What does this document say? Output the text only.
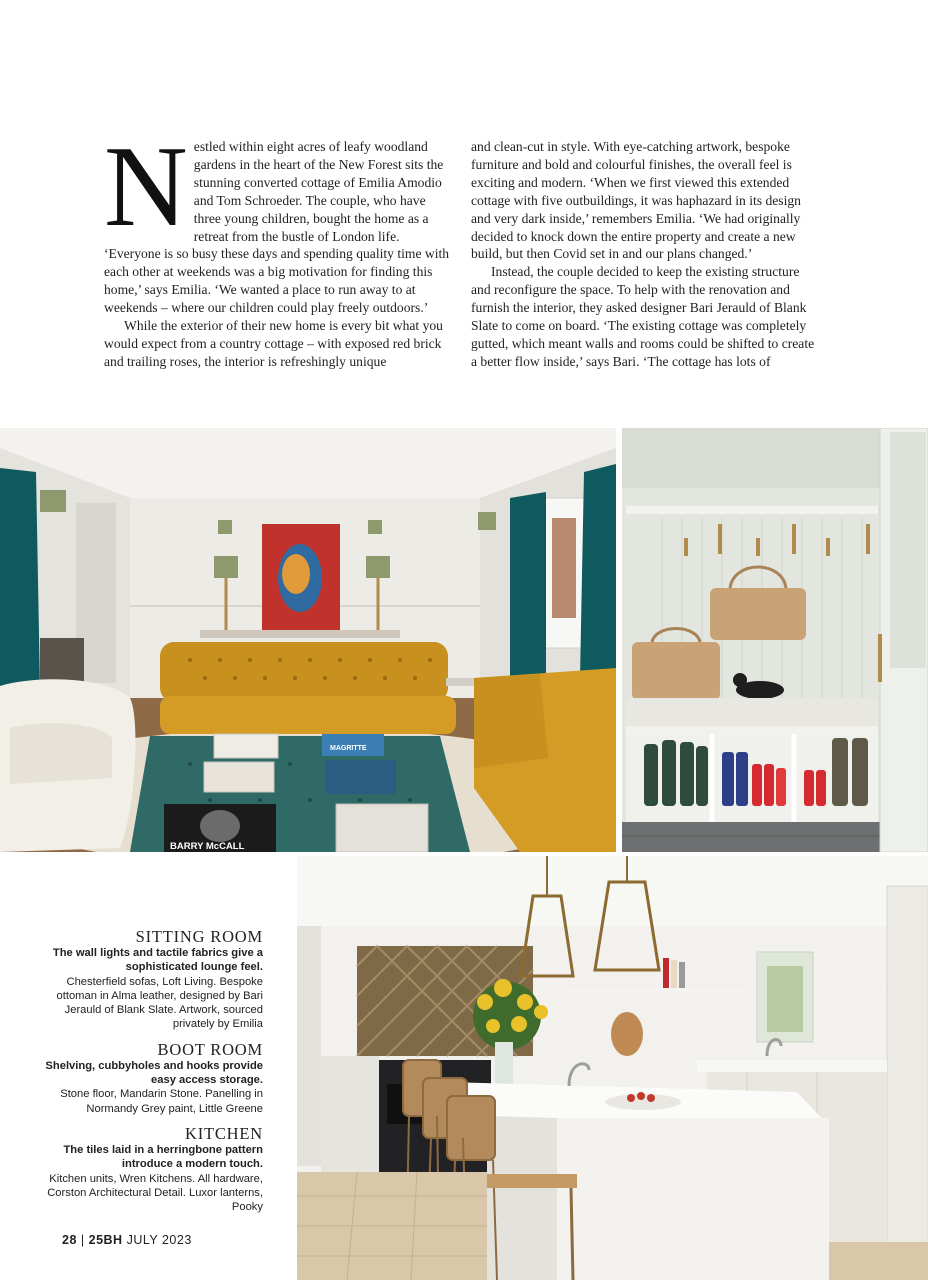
Nestled within eight acres of leafy woodland gardens in the heart of the New Forest sits the stunning converted cottage of Emilia Amodio and Tom Schroeder. The couple, who have three young children, bought the home as a retreat from the bustle of London life. ‘Everyone is so busy these days and spending quality time with each other at weekends was a big motivation for finding this home,’ says Emilia. ‘We wanted a place to run away to at weekends – where our children could play freely outdoors.’

While the exterior of their new home is every bit what you would expect from a country cottage – with exposed red brick and trailing roses, the interior is refreshingly unique

and clean-cut in style. With eye-catching artwork, bespoke furniture and bold and colourful finishes, the overall feel is exciting and modern. ‘When we first viewed this extended cottage with five outbuildings, it was haphazard in its design and very dark inside,’ remembers Emilia. ‘We had originally decided to knock down the entire property and create a new build, but then Covid set in and our plans changed.’

Instead, the couple decided to keep the existing structure and reconfigure the space. To help with the renovation and furnish the interior, they asked designer Bari Jerauld of Blank Slate to come on board. ‘The existing cottage was completely gutted, which meant walls and rooms could be shifted to create a better flow inside,’ says Bari. ‘The cottage has lots of

BARRY McCALL
MAGRITTE
SITTING ROOM
The wall lights and tactile fabrics give a sophisticated lounge feel.
Chesterfield sofas, Loft Living. Bespoke ottoman in Alma leather, designed by Bari Jerauld of Blank Slate. Artwork, sourced privately by Emilia
BOOT ROOM
Shelving, cubbyholes and hooks provide easy access storage.
Stone floor, Mandarin Stone. Panelling in Normandy Grey paint, Little Greene
KITCHEN
The tiles laid in a herringbone pattern introduce a modern touch.
Kitchen units, Wren Kitchens. All hardware, Corston Architectural Detail. Luxor lanterns, Pooky
28 | 25BH JULY 2023
